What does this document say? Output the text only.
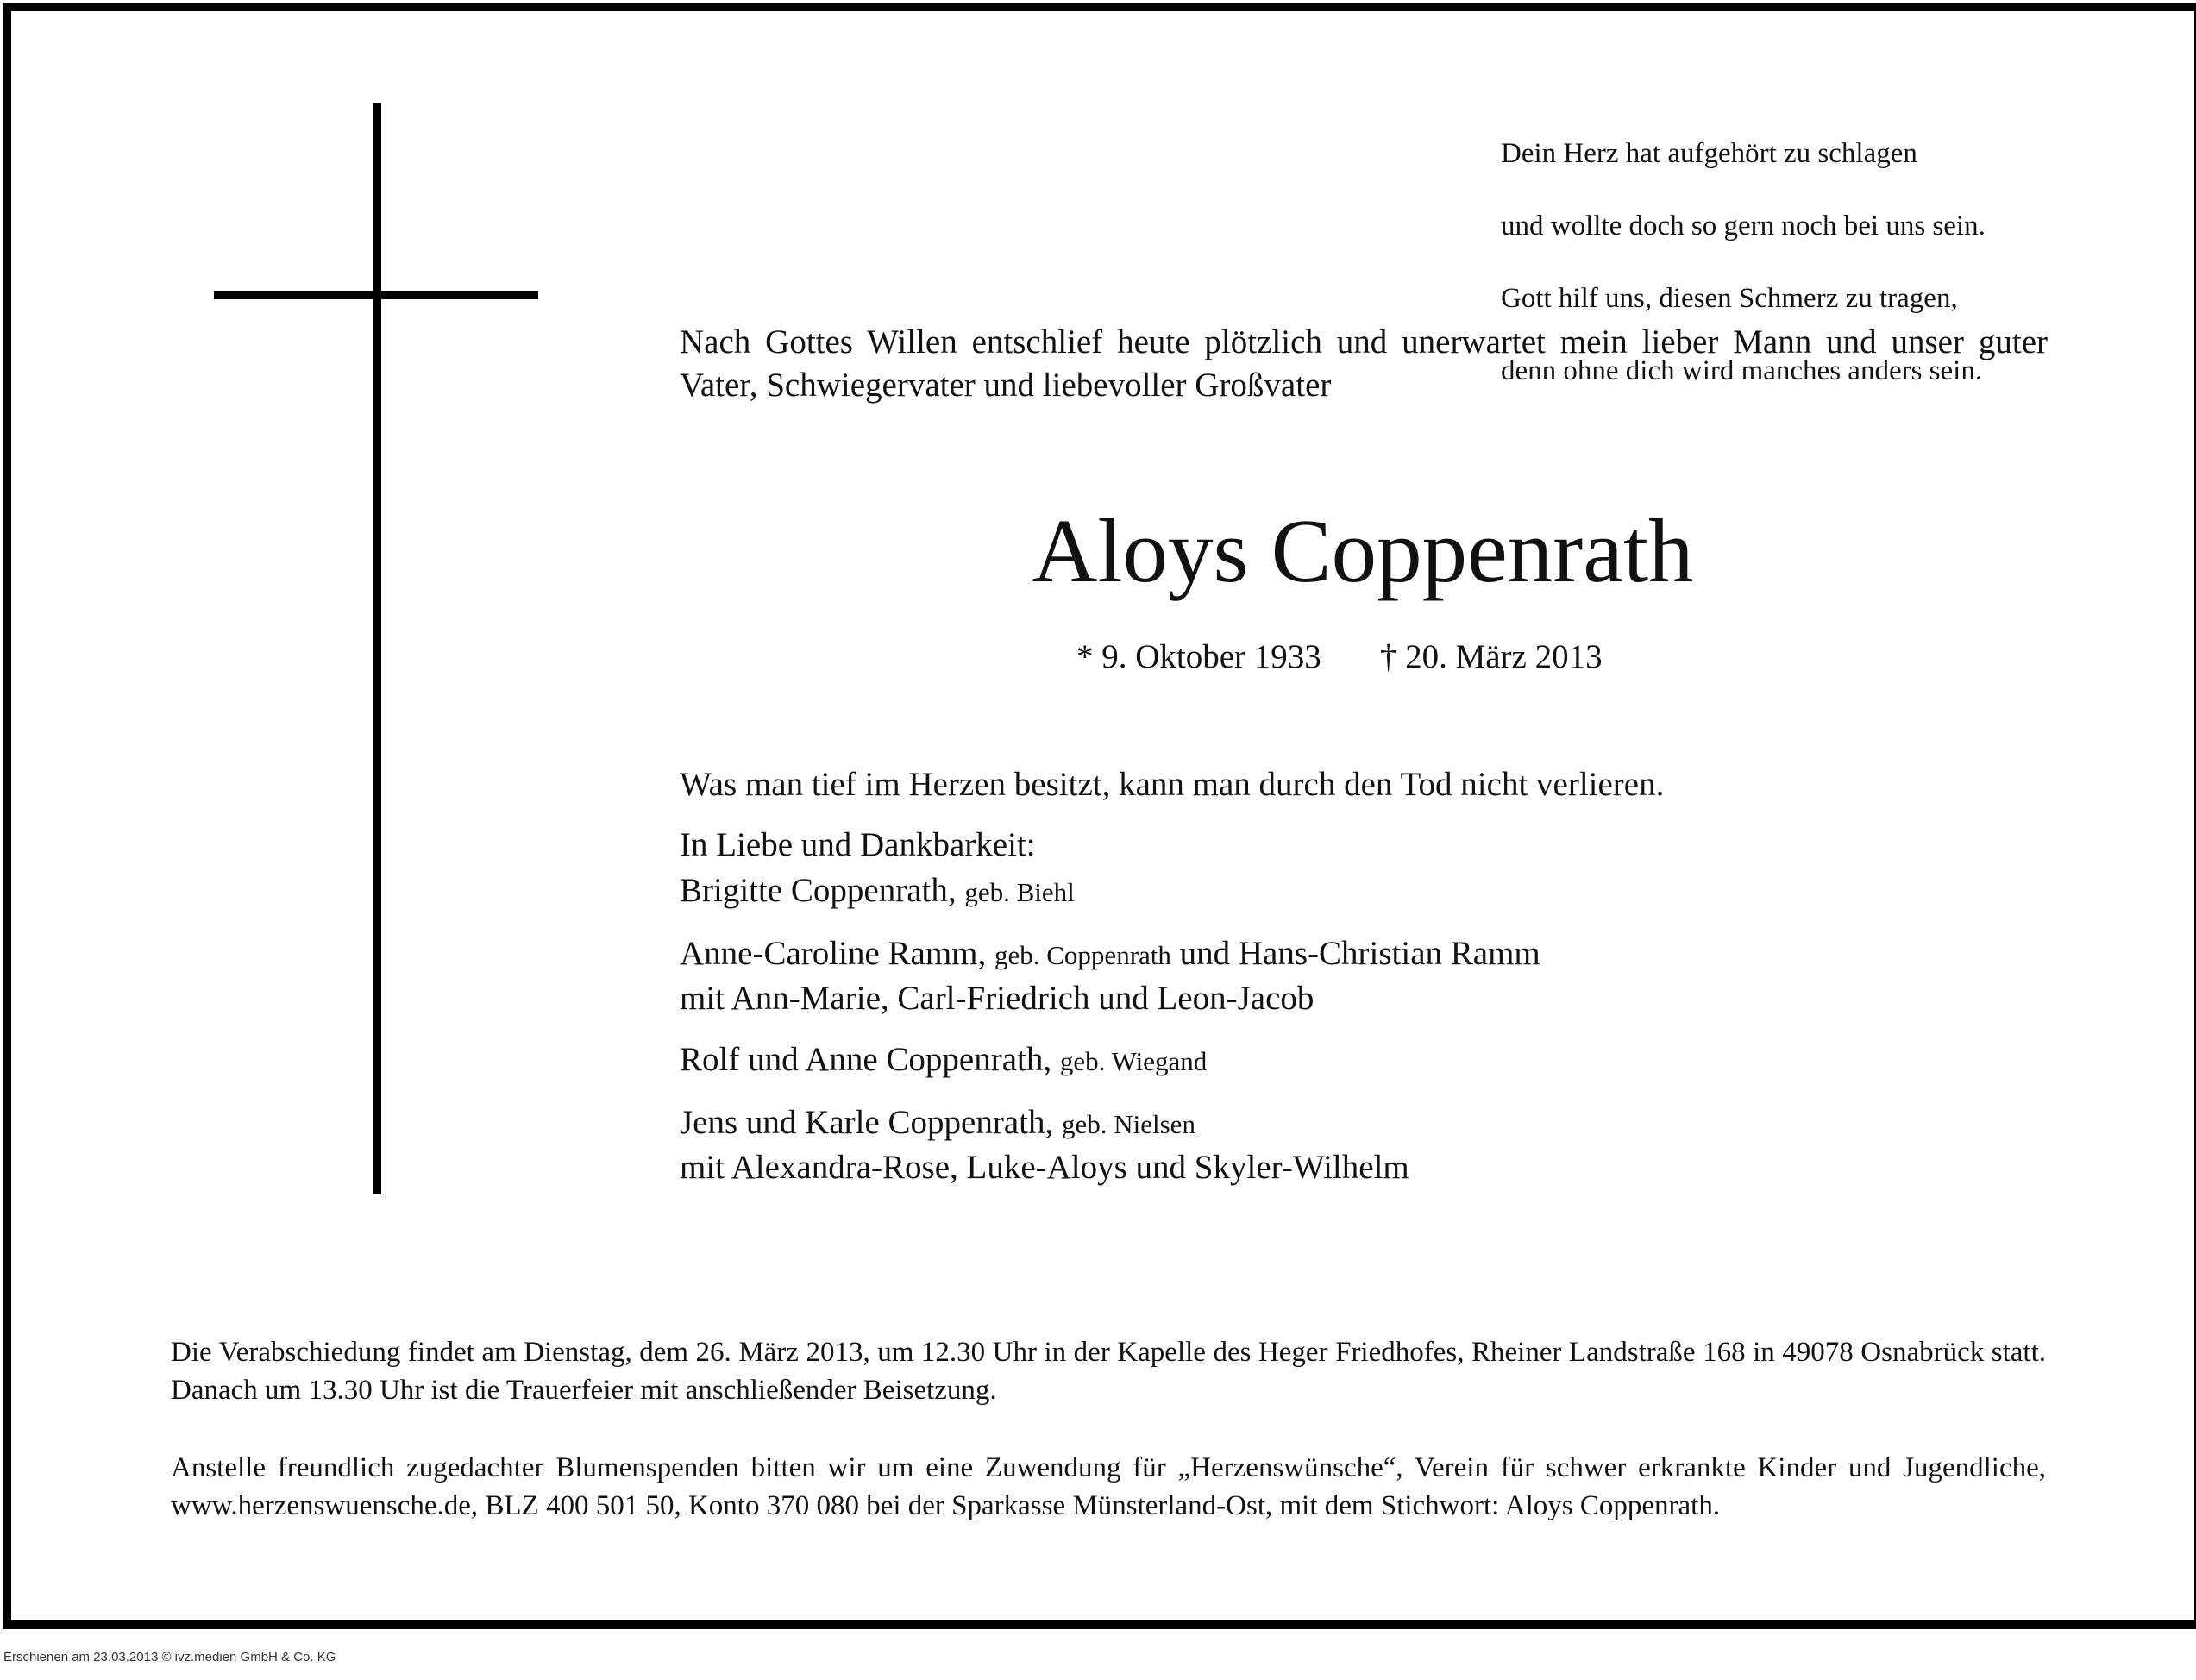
Dein Herz hat aufgehört zu schlagen

und wollte doch so gern noch bei uns sein.

Gott hilf uns, diesen Schmerz zu tragen,

denn ohne dich wird manches anders sein.

Nach Gottes Willen entschlief heute plötzlich und unerwartet mein lieber Mann und unser guter Vater, Schwiegervater und liebevoller Großvater
Aloys Coppenrath
* 9. Oktober 1933 † 20. März 2013
Was man tief im Herzen besitzt, kann man durch den Tod nicht verlieren.
In Liebe und Dankbarkeit:
Brigitte Coppenrath, geb. Biehl
Anne-Caroline Ramm, geb. Coppenrath und Hans-Christian Ramm
mit Ann-Marie, Carl-Friedrich und Leon-Jacob
Rolf und Anne Coppenrath, geb. Wiegand
Jens und Karle Coppenrath, geb. Nielsen
mit Alexandra-Rose, Luke-Aloys und Skyler-Wilhelm
Die Verabschiedung findet am Dienstag, dem 26. März 2013, um 12.30 Uhr in der Kapelle des Heger Friedhofes, Rheiner Landstraße 168 in 49078 Osnabrück statt. Danach um 13.30 Uhr ist die Trauerfeier mit anschließender Beisetzung.
Anstelle freundlich zugedachter Blumenspenden bitten wir um eine Zuwendung für „Herzenswünsche“, Verein für schwer erkrankte Kinder und Jugendliche, www.herzenswuensche.de, BLZ 400 501 50, Konto 370 080 bei der Sparkasse Münsterland-Ost, mit dem Stichwort: Aloys Coppenrath.
Erschienen am 23.03.2013 © ivz.medien GmbH & Co. KG
